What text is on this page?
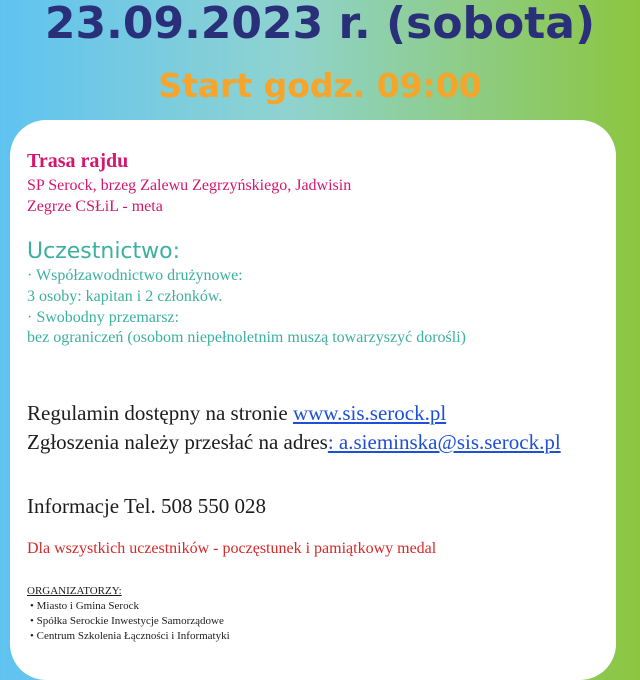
23.09.2023 r. (sobota)
Start godz. 09:00
Trasa rajdu
SP Serock, brzeg Zalewu Zegrzyńskiego, Jadwisin
Zegrze CSŁiL - meta
Uczestnictwo:
· Współzawodnictwo drużynowe:
3 osoby: kapitan i 2 członków.
· Swobodny przemarsz:
bez ograniczeń (osobom niepełnoletnim muszą towarzyszyć dorośli)
Regulamin dostępny na stronie www.sis.serock.pl
Zgłoszenia należy przesłać na adres: a.sieminska@sis.serock.pl
Informacje Tel. 508 550 028
Dla wszystkich uczestników - poczęstunek i pamiątkowy medal
ORGANIZATORZY:
• Miasto i Gmina Serock
• Spółka Serockie Inwestycje Samorządowe
• Centrum Szkolenia Łączności i Informatyki
